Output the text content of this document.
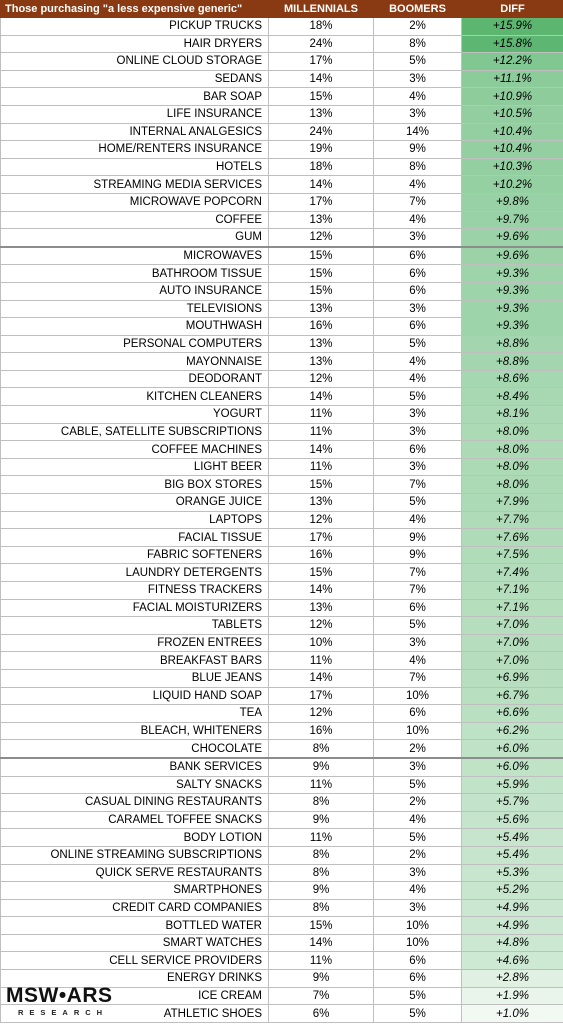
Those purchasing "a less expensive generic"	MILLENNIALS	BOOMERS	DIFF
PICKUP TRUCKS	18%	2%	+15.9%
HAIR DRYERS	24%	8%	+15.8%
ONLINE CLOUD STORAGE	17%	5%	+12.2%
SEDANS	14%	3%	+11.1%
BAR SOAP	15%	4%	+10.9%
LIFE INSURANCE	13%	3%	+10.5%
INTERNAL ANALGESICS	24%	14%	+10.4%
HOME/RENTERS INSURANCE	19%	9%	+10.4%
HOTELS	18%	8%	+10.3%
STREAMING MEDIA SERVICES	14%	4%	+10.2%
MICROWAVE POPCORN	17%	7%	+9.8%
COFFEE	13%	4%	+9.7%
GUM	12%	3%	+9.6%
MICROWAVES	15%	6%	+9.6%
BATHROOM TISSUE	15%	6%	+9.3%
AUTO INSURANCE	15%	6%	+9.3%
TELEVISIONS	13%	3%	+9.3%
MOUTHWASH	16%	6%	+9.3%
PERSONAL COMPUTERS	13%	5%	+8.8%
MAYONNAISE	13%	4%	+8.8%
DEODORANT	12%	4%	+8.6%
KITCHEN CLEANERS	14%	5%	+8.4%
YOGURT	11%	3%	+8.1%
CABLE, SATELLITE SUBSCRIPTIONS	11%	3%	+8.0%
COFFEE MACHINES	14%	6%	+8.0%
LIGHT BEER	11%	3%	+8.0%
BIG BOX STORES	15%	7%	+8.0%
ORANGE JUICE	13%	5%	+7.9%
LAPTOPS	12%	4%	+7.7%
FACIAL TISSUE	17%	9%	+7.6%
FABRIC SOFTENERS	16%	9%	+7.5%
LAUNDRY DETERGENTS	15%	7%	+7.4%
FITNESS TRACKERS	14%	7%	+7.1%
FACIAL MOISTURIZERS	13%	6%	+7.1%
TABLETS	12%	5%	+7.0%
FROZEN ENTREES	10%	3%	+7.0%
BREAKFAST BARS	11%	4%	+7.0%
BLUE JEANS	14%	7%	+6.9%
LIQUID HAND SOAP	17%	10%	+6.7%
TEA	12%	6%	+6.6%
BLEACH, WHITENERS	16%	10%	+6.2%
CHOCOLATE	8%	2%	+6.0%
BANK SERVICES	9%	3%	+6.0%
SALTY SNACKS	11%	5%	+5.9%
CASUAL DINING RESTAURANTS	8%	2%	+5.7%
CARAMEL TOFFEE SNACKS	9%	4%	+5.6%
BODY LOTION	11%	5%	+5.4%
ONLINE STREAMING SUBSCRIPTIONS	8%	2%	+5.4%
QUICK SERVE RESTAURANTS	8%	3%	+5.3%
SMARTPHONES	9%	4%	+5.2%
CREDIT CARD COMPANIES	8%	3%	+4.9%
BOTTLED WATER	15%	10%	+4.9%
SMART WATCHES	14%	10%	+4.8%
CELL SERVICE PROVIDERS	11%	6%	+4.6%
ENERGY DRINKS	9%	6%	+2.8%
ICE CREAM	7%	5%	+1.9%
ATHLETIC SHOES	6%	5%	+1.0%
MSW•ARS
RESEARCH
